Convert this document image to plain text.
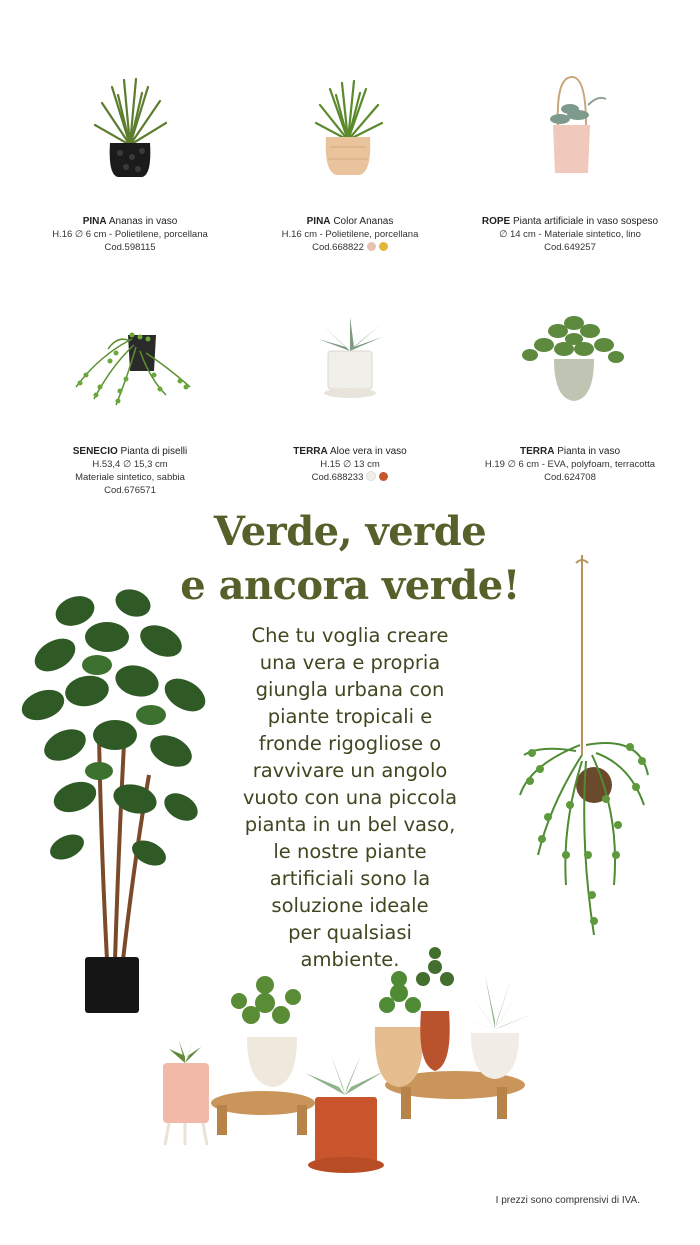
PINA Ananas in vaso
H.16 ∅ 6 cm - Polietilene, porcellana
Cod.598115
PINA Color Ananas
H.16 cm - Polietilene, porcellana
Cod.668822
ROPE Pianta artificiale in vaso sospeso
∅ 14 cm - Materiale sintetico, lino
Cod.649257
SENECIO Pianta di piselli
H.53,4 ∅ 15,3 cm
Materiale sintetico, sabbia
Cod.676571
TERRA Aloe vera in vaso
H.15 ∅ 13 cm
Cod.688233
TERRA Pianta in vaso
H.19 ∅ 6 cm - EVA, polyfoam, terracotta
Cod.624708
Verde, verde
e ancora verde!
Che tu voglia creare
una vera e propria
giungla urbana con
piante tropicali e
fronde rigogliose o
ravvivare un angolo
vuoto con una piccola
pianta in un bel vaso,
le nostre piante
artificiali sono la
soluzione ideale
per qualsiasi
ambiente.
I prezzi sono comprensivi di IVA.
